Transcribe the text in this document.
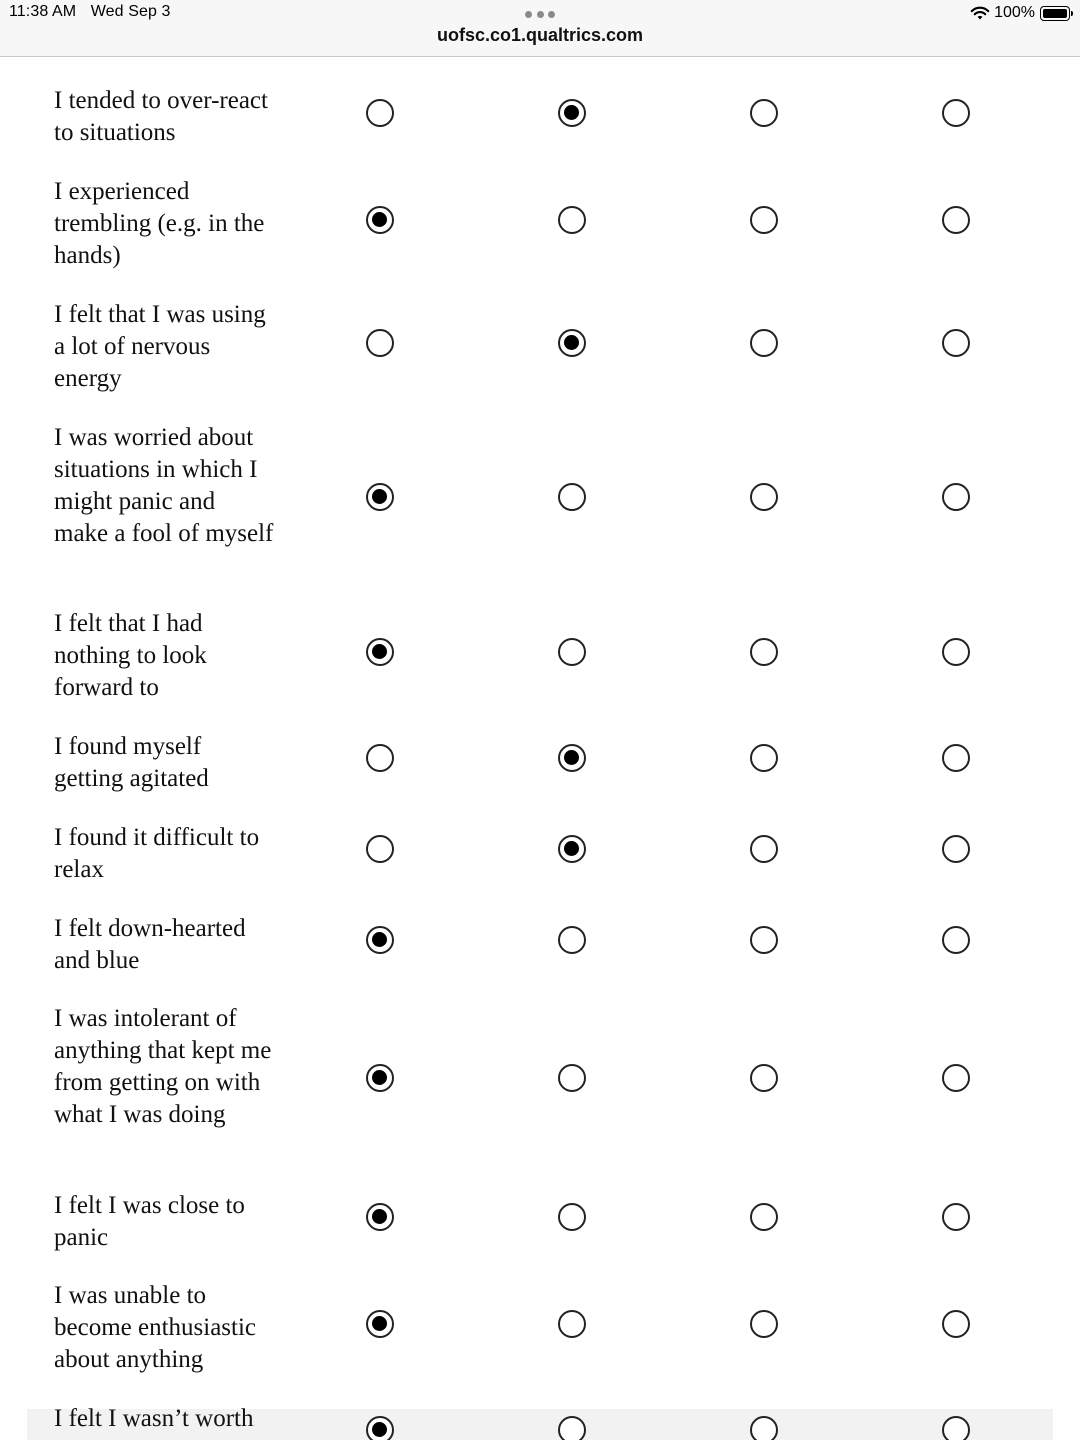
11:38 AM Wed Sep 3	100%
uofsc.co1.qualtrics.com
I tended to over-react to situations
I experienced trembling (e.g. in the hands)
I felt that I was using a lot of nervous energy
I was worried about situations in which I might panic and make a fool of myself
I felt that I had nothing to look forward to
I found myself getting agitated
I found it difficult to relax
I felt down-hearted and blue
I was intolerant of anything that kept me from getting on with what I was doing
I felt I was close to panic
I was unable to become enthusiastic about anything
I felt I wasn’t worth
